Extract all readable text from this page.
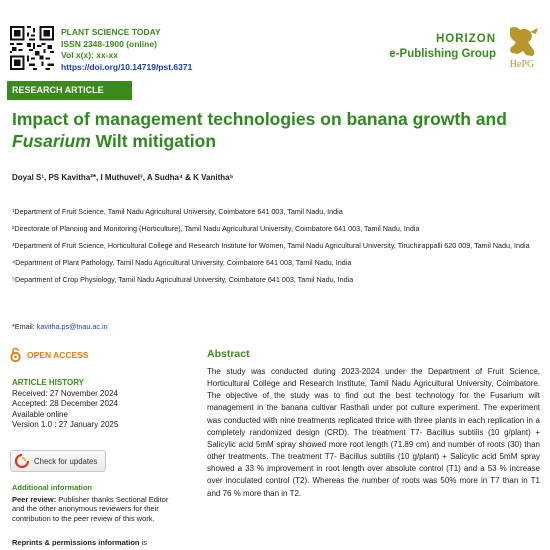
PLANT SCIENCE TODAY
ISSN 2348-1900 (online)
Vol x(x): xx-xx
https://doi.org/10.14719/pst.6371
HORIZON
e-Publishing Group
HePG
RESEARCH ARTICLE
Impact of management technologies on banana growth and Fusarium Wilt mitigation
Doyal S¹, PS Kavitha²*, I Muthuvel³, A Sudha⁴ & K Vanitha⁵

¹Department of Fruit Science, Tamil Nadu Agricultural University, Coimbatore 641 003, Tamil Nadu, India

²Directorate of Planning and Monitoring (Horticulture), Tamil Nadu Agricultural University, Coimbatore 641 003, Tamil Nadu, India

³Department of Fruit Science, Horticultural College and Research Institute for Women, Tamil Nadu Agricultural University, Tiruchirappalli 620 009, Tamil Nadu, India

⁴Department of Plant Pathology, Tamil Nadu Agricultural University, Coimbatore 641 003, Tamil Nadu, India

⁵Department of Crop Physiology, Tamil Nadu Agricultural University, Coimbatore 641 003, Tamil Nadu, India

*Email: kavitha.ps@tnau.ac.in
OPEN ACCESS
ARTICLE HISTORY
Received: 27 November 2024
Accepted: 28 December 2024
Available online
Version 1.0 : 27 January 2025
Check for updates
Additional information
Peer review: Publisher thanks Sectional Editor and the other anonymous reviewers for their contribution to the peer review of this work.
Reprints & permissions information is
Abstract
The study was conducted during 2023-2024 under the Department of Fruit Science, Horticultural College and Research Institute, Tamil Nadu Agricultural University, Coimbatore. The objective of the study was to find out the best technology for the Fusarium wilt management in the banana cultivar Rasthali under pot culture experiment. The experiment was conducted with nine treatments replicated thrice with three plants in each replication in a completely randomized design (CRD). The treatment T7- Bacillus subtilis (10 g/plant) + Salicylic acid 5mM spray showed more root length (71.89 cm) and number of roots (30) than other treatments. The treatment T7- Bacillus subtilis (10 g/plant) + Salicylic acid 5mM spray showed a 33 % improvement in root length over absolute control (T1) and a 53 % increase over inoculated control (T2). Whereas the number of roots was 50% more in T7 than in T1 and 76 % more than in T2.
